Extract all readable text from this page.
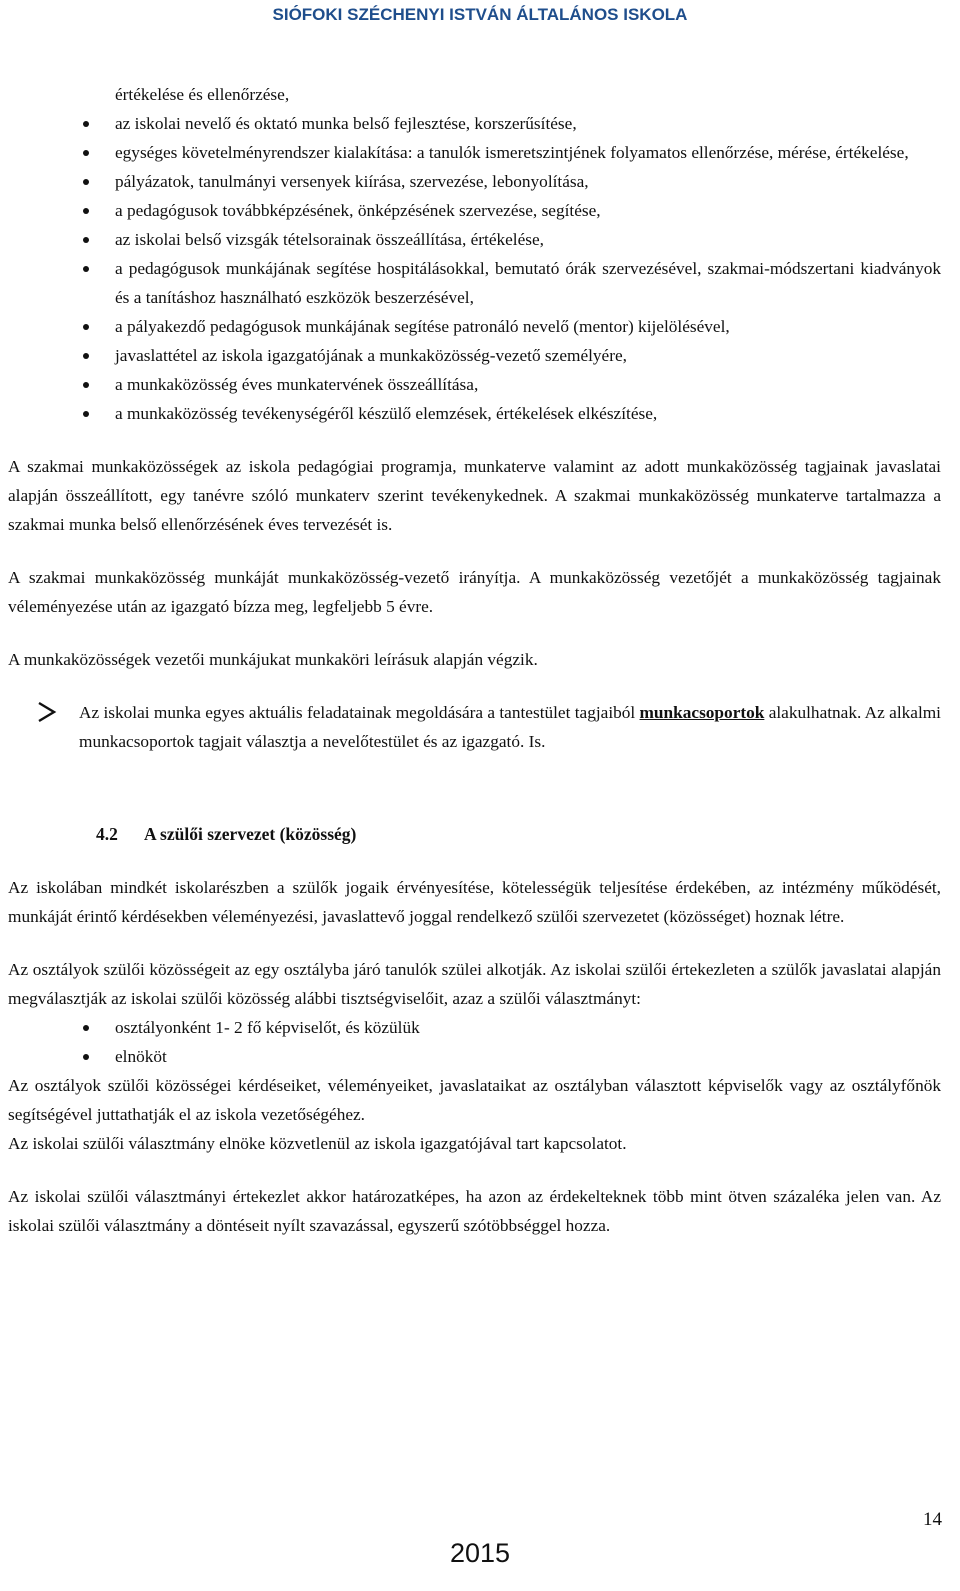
SIÓFOKI SZÉCHENYI ISTVÁN ÁLTALÁNOS ISKOLA
értékelése és ellenőrzése,
az iskolai nevelő és oktató munka belső fejlesztése, korszerűsítése,
egységes követelményrendszer kialakítása: a tanulók ismeretszintjének folyamatos ellenőrzése, mérése, értékelése,
pályázatok, tanulmányi versenyek kiírása, szervezése, lebonyolítása,
a pedagógusok továbbképzésének, önképzésének szervezése, segítése,
az iskolai belső vizsgák tételsorainak összeállítása, értékelése,
a pedagógusok munkájának segítése hospitálásokkal, bemutató órák szervezésével, szakmai-módszertani kiadványok és a tanításhoz használható eszközök beszerzésével,
a pályakezdő pedagógusok munkájának segítése patronáló nevelő (mentor) kijelölésével,
javaslattétel az iskola igazgatójának a munkaközösség-vezető személyére,
a munkaközösség éves munkatervének összeállítása,
a munkaközösség tevékenységéről készülő elemzések, értékelések elkészítése,

A szakmai munkaközösségek az iskola pedagógiai programja, munkaterve valamint az adott munkaközösség tagjainak javaslatai alapján összeállított, egy tanévre szóló munkaterv szerint tevékenykednek. A szakmai munkaközösség munkaterve tartalmazza a szakmai munka belső ellenőrzésének éves tervezését is.

A szakmai munkaközösség munkáját munkaközösség-vezető irányítja. A munkaközösség vezetőjét a munkaközösség tagjainak véleményezése után az igazgató bízza meg, legfeljebb 5 évre.

A munkaközösségek vezetői munkájukat munkaköri leírásuk alapján végzik.

Az iskolai munka egyes aktuális feladatainak megoldására a tantestület tagjaiból munkacsoportok alakulhatnak. Az alkalmi munkacsoportok tagjait választja a nevelőtestület és az igazgató. Is.
4.2 A szülői szervezet (közösség)

Az iskolában mindkét iskolarészben a szülők jogaik érvényesítése, kötelességük teljesítése érdekében, az intézmény működését, munkáját érintő kérdésekben véleményezési, javaslattevő joggal rendelkező szülői szervezetet (közösséget) hoznak létre.

Az osztályok szülői közösségeit az egy osztályba járó tanulók szülei alkotják. Az iskolai szülői értekezleten a szülők javaslatai alapján megválasztják az iskolai szülői közösség alábbi tisztségviselőit, azaz a szülői választmányt:

osztályonként 1- 2 fő képviselőt, és közülük
elnököt

Az osztályok szülői közösségei kérdéseiket, véleményeiket, javaslataikat az osztályban választott képviselők vagy az osztályfőnök segítségével juttathatják el az iskola vezetőségéhez.

Az iskolai szülői választmány elnöke közvetlenül az iskola igazgatójával tart kapcsolatot.

Az iskolai szülői választmányi értekezlet akkor határozatképes, ha azon az érdekelteknek több mint ötven százaléka jelen van. Az iskolai szülői választmány a döntéseit nyílt szavazással, egyszerű szótöbbséggel hozza.

14
2015
